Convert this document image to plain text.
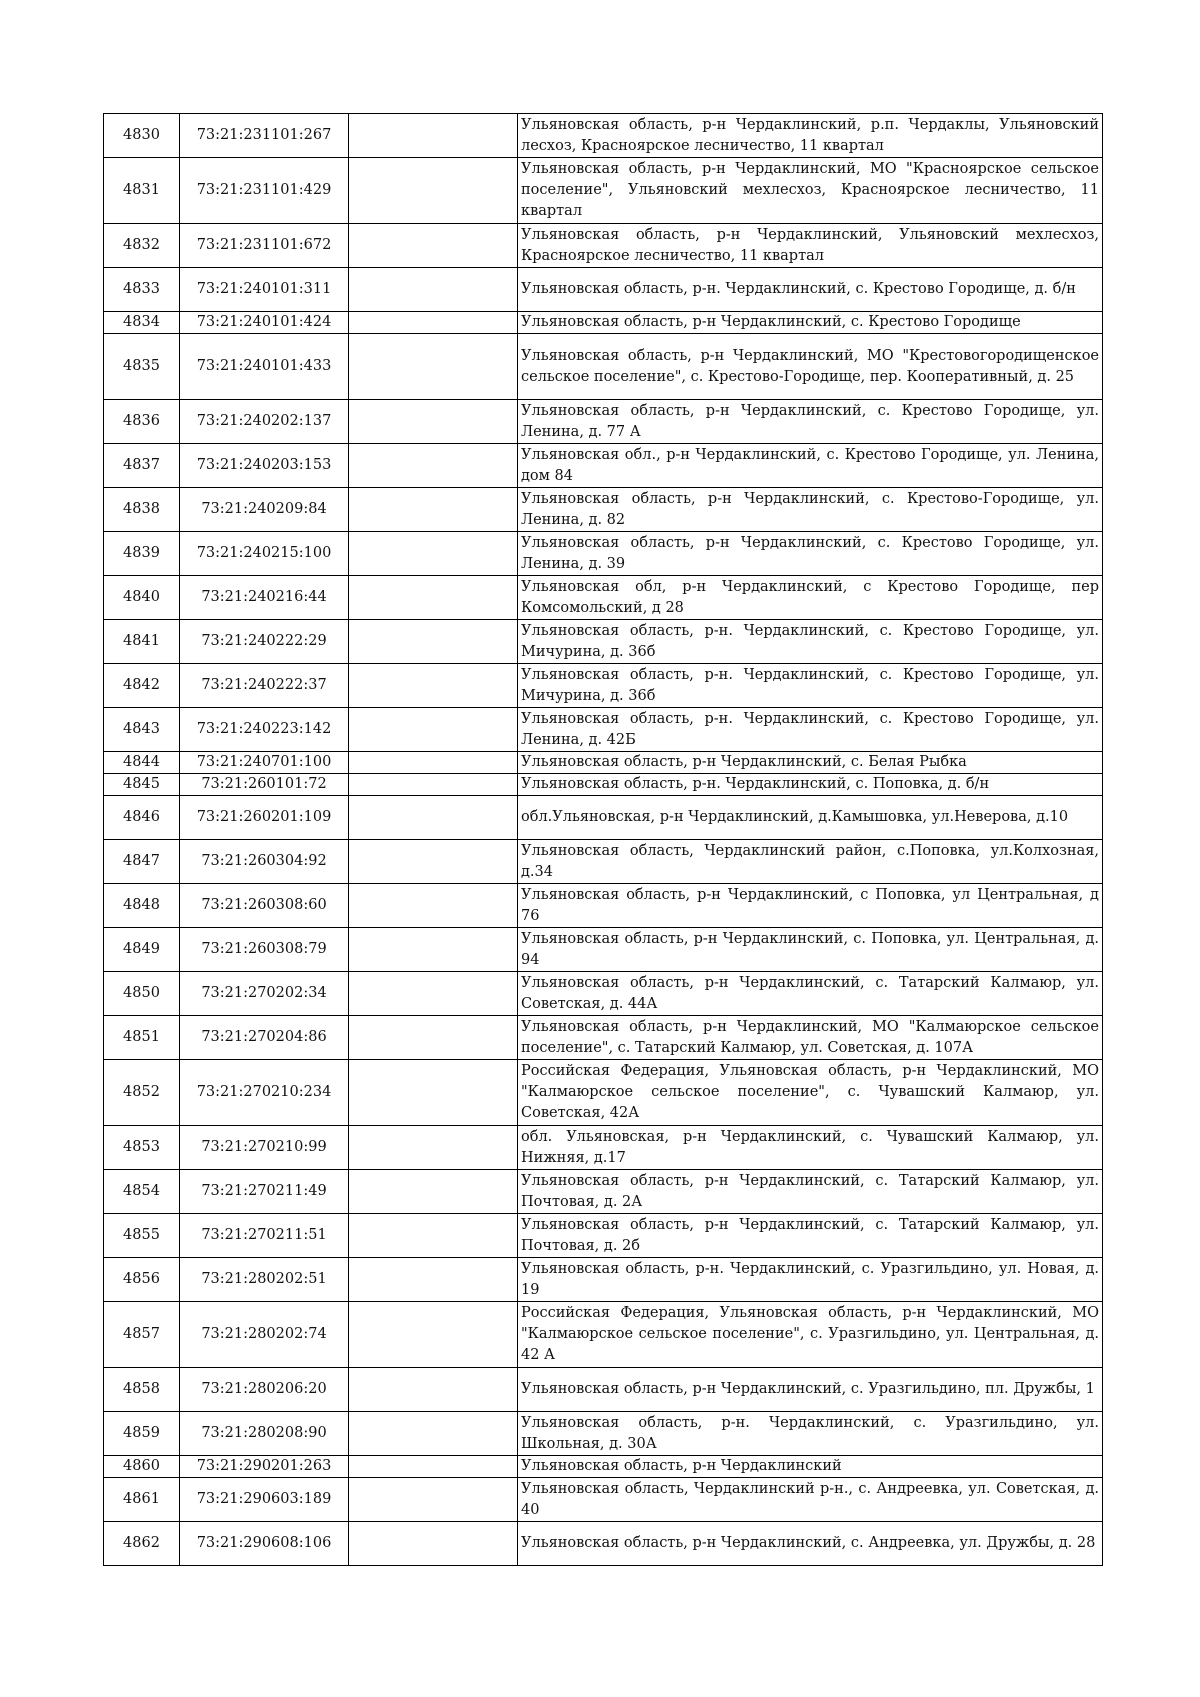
4830	73:21:231101:267		Ульяновская область, р-н Чердаклинский, р.п. Чердаклы, Ульяновский лесхоз, Красноярское лесничество, 11 квартал
4831	73:21:231101:429		Ульяновская область, р-н Чердаклинский, МО "Красноярское сельское поселение", Ульяновский мехлесхоз, Красноярское лесничество, 11 квартал
4832	73:21:231101:672		Ульяновская область, р-н Чердаклинский, Ульяновский мехлесхоз, Красноярское лесничество, 11 квартал
4833	73:21:240101:311		Ульяновская область, р-н. Чердаклинский, с. Крестово Городище, д. б/н
4834	73:21:240101:424		Ульяновская область, р-н Чердаклинский, с. Крестово Городище
4835	73:21:240101:433		Ульяновская область, р-н Чердаклинский, МО "Крестовогородищенское сельское поселение", с. Крестово-Городище, пер. Кооперативный, д. 25
4836	73:21:240202:137		Ульяновская область, р-н Чердаклинский, с. Крестово Городище, ул. Ленина, д. 77 А
4837	73:21:240203:153		Ульяновская обл., р-н Чердаклинский, с. Крестово Городище, ул. Ленина, дом 84
4838	73:21:240209:84		Ульяновская область, р-н Чердаклинский, с. Крестово-Городище, ул. Ленина, д. 82
4839	73:21:240215:100		Ульяновская область, р-н Чердаклинский, с. Крестово Городище, ул. Ленина, д. 39
4840	73:21:240216:44		Ульяновская обл, р-н Чердаклинский, с Крестово Городище, пер Комсомольский, д 28
4841	73:21:240222:29		Ульяновская область, р-н. Чердаклинский, с. Крестово Городище, ул. Мичурина, д. 36б
4842	73:21:240222:37		Ульяновская область, р-н. Чердаклинский, с. Крестово Городище, ул. Мичурина, д. 36б
4843	73:21:240223:142		Ульяновская область, р-н. Чердаклинский, с. Крестово Городище, ул. Ленина, д. 42Б
4844	73:21:240701:100		Ульяновская область, р-н Чердаклинский, с. Белая Рыбка
4845	73:21:260101:72		Ульяновская область, р-н. Чердаклинский, с. Поповка, д. б/н
4846	73:21:260201:109		обл.Ульяновская, р-н Чердаклинский, д.Камышовка, ул.Неверова, д.10
4847	73:21:260304:92		Ульяновская область, Чердаклинский район, с.Поповка, ул.Колхозная, д.34
4848	73:21:260308:60		Ульяновская область, р-н Чердаклинский, с Поповка, ул Центральная, д 76
4849	73:21:260308:79		Ульяновская область, р-н Чердаклинский, с. Поповка, ул. Центральная, д. 94
4850	73:21:270202:34		Ульяновская область, р-н Чердаклинский, с. Татарский Калмаюр, ул. Советская, д. 44А
4851	73:21:270204:86		Ульяновская область, р-н Чердаклинский, МО "Калмаюрское сельское поселение", с. Татарский Калмаюр, ул. Советская, д. 107А
4852	73:21:270210:234		Российская Федерация, Ульяновская область, р-н Чердаклинский, МО "Калмаюрское сельское поселение", с. Чувашский Калмаюр, ул. Советская, 42А
4853	73:21:270210:99		обл. Ульяновская, р-н Чердаклинский, с. Чувашский Калмаюр, ул. Нижняя, д.17
4854	73:21:270211:49		Ульяновская область, р-н Чердаклинский, с. Татарский Калмаюр, ул. Почтовая, д. 2А
4855	73:21:270211:51		Ульяновская область, р-н Чердаклинский, с. Татарский Калмаюр, ул. Почтовая, д. 2б
4856	73:21:280202:51		Ульяновская область, р-н. Чердаклинский, с. Уразгильдино, ул. Новая, д. 19
4857	73:21:280202:74		Российская Федерация, Ульяновская область, р-н Чердаклинский, МО "Калмаюрское сельское поселение", с. Уразгильдино, ул. Центральная, д. 42 А
4858	73:21:280206:20		Ульяновская область, р-н Чердаклинский, с. Уразгильдино, пл. Дружбы, 1
4859	73:21:280208:90		Ульяновская область, р-н. Чердаклинский, с. Уразгильдино, ул. Школьная, д. 30А
4860	73:21:290201:263		Ульяновская область, р-н Чердаклинский
4861	73:21:290603:189		Ульяновская область, Чердаклинский р-н., с. Андреевка, ул. Советская, д. 40
4862	73:21:290608:106		Ульяновская область, р-н Чердаклинский, с. Андреевка, ул. Дружбы, д. 28
